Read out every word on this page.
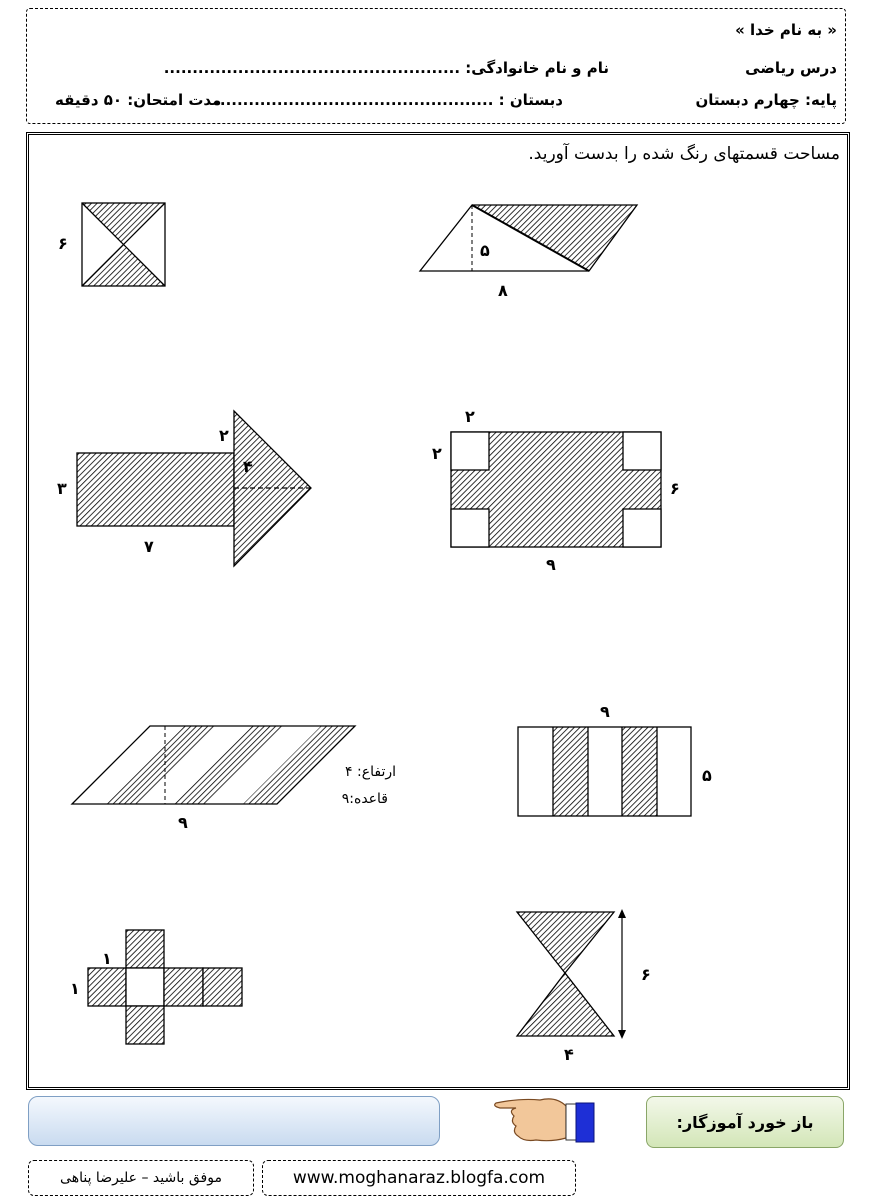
« به نام خدا »
درس ریاضی
نام و نام خانوادگی: ....................................................
پایه: چهارم دبستان
دبستان : .................................................
مدت امتحان: ۵۰ دقیقه
مساحت قسمتهای رنگ شده را بدست آورید.
۵
۸
۶
۲
۲
۶
۹
۳
۷
۲
۴
۹
۵
ارتفاع: ۴
قاعده:۹
۹
۶
۴
۱
۱
باز خورد آموزگار:
www.moghanaraz.blogfa.com
موفق باشید – علیرضا پناهی
